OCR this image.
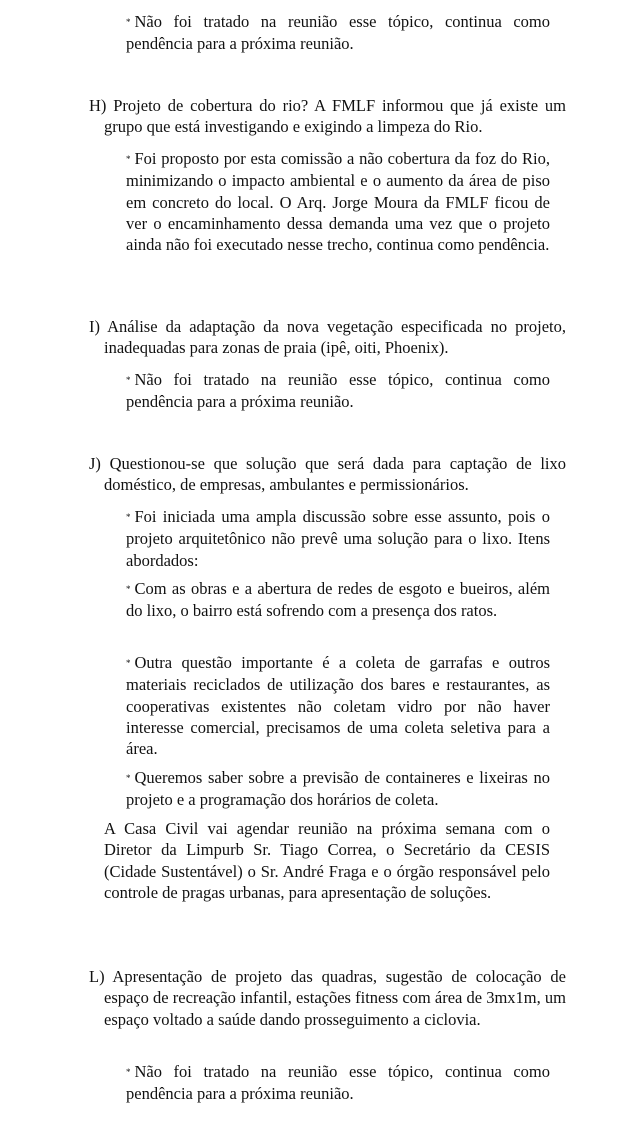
* Não foi tratado na reunião esse tópico, continua como pendência para a próxima reunião.
H) Projeto de cobertura do rio? A FMLF informou que já existe um grupo que está investigando e exigindo a limpeza do Rio.
* Foi proposto por esta comissão a não cobertura da foz do Rio, minimizando o impacto ambiental e o aumento da área de piso em concreto do local. O Arq. Jorge Moura da FMLF ficou de ver o encaminhamento dessa demanda uma vez que o projeto ainda não foi executado nesse trecho, continua como pendência.
I) Análise da adaptação da nova vegetação especificada no projeto, inadequadas para zonas de praia (ipê, oiti, Phoenix).
* Não foi tratado na reunião esse tópico, continua como pendência para a próxima reunião.
J) Questionou-se que solução que será dada para captação de lixo doméstico, de empresas, ambulantes e permissionários.
* Foi iniciada uma ampla discussão sobre esse assunto, pois o projeto arquitetônico não prevê uma solução para o lixo. Itens abordados:
* Com as obras e a abertura de redes de esgoto e bueiros, além do lixo, o bairro está sofrendo com a presença dos ratos.
* Outra questão importante é a coleta de garrafas e outros materiais reciclados de utilização dos bares e restaurantes, as cooperativas existentes não coletam vidro por não haver interesse comercial, precisamos de uma coleta seletiva para a área.
* Queremos saber sobre a previsão de containeres e lixeiras no projeto e a programação dos horários de coleta.
A Casa Civil vai agendar reunião na próxima semana com o Diretor da Limpurb Sr. Tiago Correa, o Secretário da CESIS (Cidade Sustentável) o Sr. André Fraga e o órgão responsável pelo controle de pragas urbanas, para apresentação de soluções.
L) Apresentação de projeto das quadras, sugestão de colocação de espaço de recreação infantil, estações fitness com área de 3mx1m, um espaço voltado a saúde dando prosseguimento a ciclovia.
* Não foi tratado na reunião esse tópico, continua como pendência para a próxima reunião.
